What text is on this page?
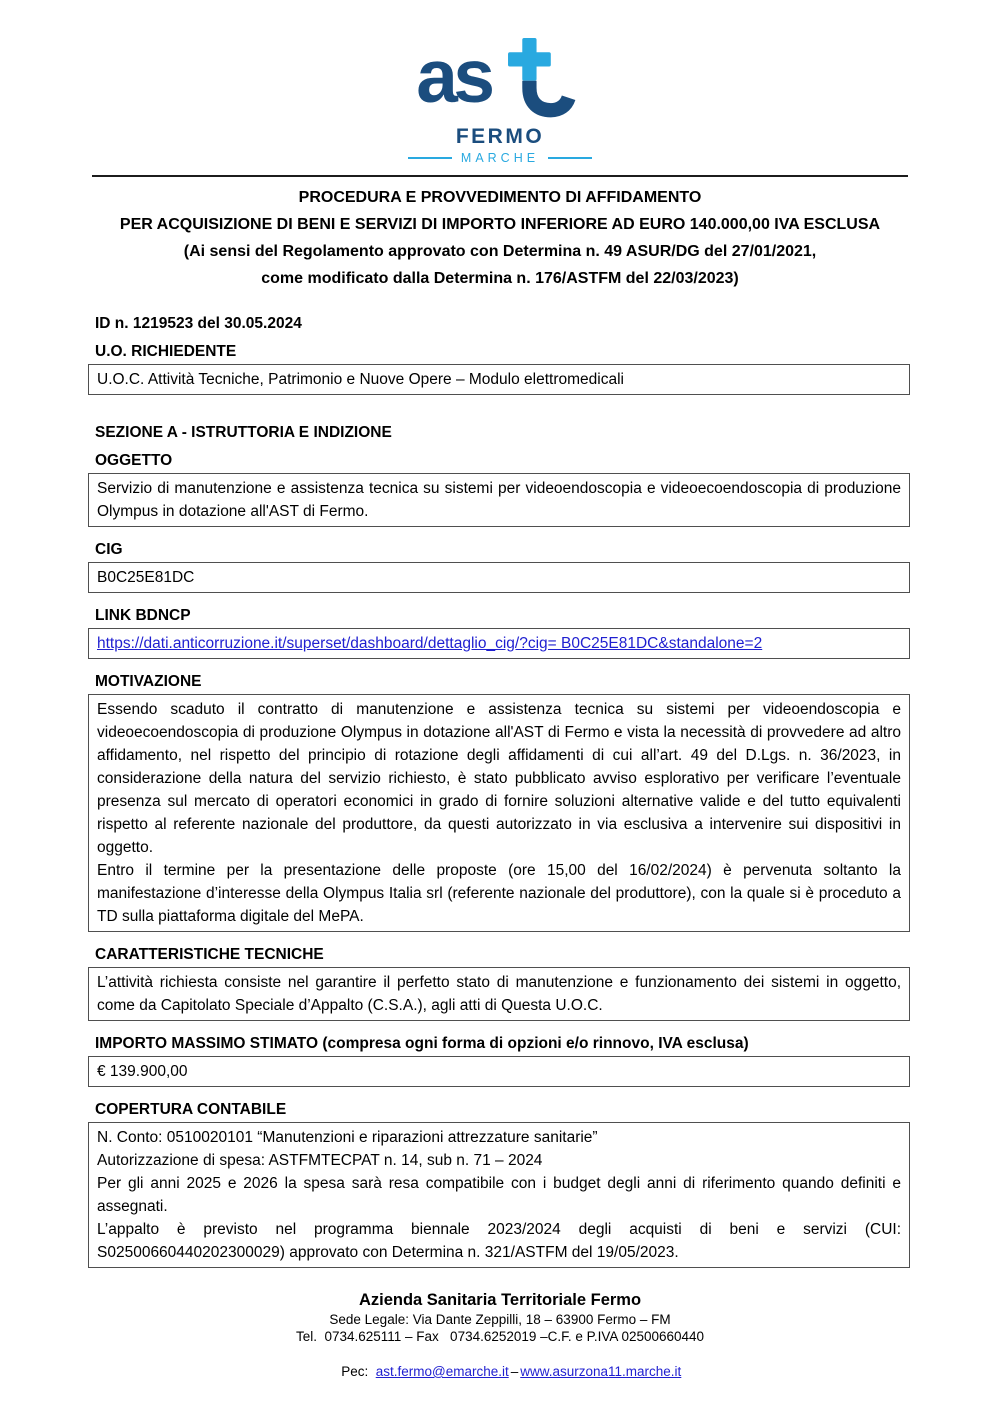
as
FERMO
MARCHE
PROCEDURA E PROVVEDIMENTO DI AFFIDAMENTO
PER ACQUISIZIONE DI BENI E SERVIZI DI IMPORTO INFERIORE AD EURO 140.000,00 IVA ESCLUSA
(Ai sensi del Regolamento approvato con Determina n. 49 ASUR/DG del 27/01/2021,
come modificato dalla Determina n. 176/ASTFM del 22/03/2023)

ID n. 1219523 del 30.05.2024

U.O. RICHIEDENTE

U.O.C. Attività Tecniche, Patrimonio e Nuove Opere – Modulo elettromedicali

SEZIONE A - ISTRUTTORIA E INDIZIONE

OGGETTO

Servizio di manutenzione e assistenza tecnica su sistemi per videoendoscopia e videoecoendoscopia di produzione Olympus in dotazione all'AST di Fermo.

CIG

B0C25E81DC

LINK BDNCP

https://dati.anticorruzione.it/superset/dashboard/dettaglio_cig/?cig= B0C25E81DC&standalone=2

MOTIVAZIONE

Essendo scaduto il contratto di manutenzione e assistenza tecnica su sistemi per videoendoscopia e videoecoendoscopia di produzione Olympus in dotazione all'AST di Fermo e vista la necessità di provvedere ad altro affidamento, nel rispetto del principio di rotazione degli affidamenti di cui all’art. 49 del D.Lgs. n. 36/2023, in considerazione della natura del servizio richiesto, è stato pubblicato avviso esplorativo per verificare l’eventuale presenza sul mercato di operatori economici in grado di fornire soluzioni alternative valide e del tutto equivalenti rispetto al referente nazionale del produttore, da questi autorizzato in via esclusiva a intervenire sui dispositivi in oggetto.

Entro il termine per la presentazione delle proposte (ore 15,00 del 16/02/2024) è pervenuta soltanto la manifestazione d’interesse della Olympus Italia srl (referente nazionale del produttore), con la quale si è proceduto a TD sulla piattaforma digitale del MePA.

CARATTERISTICHE TECNICHE

L’attività richiesta consiste nel garantire il perfetto stato di manutenzione e funzionamento dei sistemi in oggetto, come da Capitolato Speciale d’Appalto (C.S.A.), agli atti di Questa U.O.C.

IMPORTO MASSIMO STIMATO (compresa ogni forma di opzioni e/o rinnovo, IVA esclusa)

€ 139.900,00

COPERTURA CONTABILE

N. Conto: 0510020101 “Manutenzioni e riparazioni attrezzature sanitarie”

Autorizzazione di spesa: ASTFMTECPAT n. 14, sub n. 71 – 2024

Per gli anni 2025 e 2026 la spesa sarà resa compatibile con i budget degli anni di riferimento quando definiti e assegnati.

L’appalto è previsto nel programma biennale 2023/2024 degli acquisti di beni e servizi (CUI: S02500660440202300029) approvato con Determina n. 321/ASTFM del 19/05/2023.

Azienda Sanitaria Territoriale Fermo
Sede Legale: Via Dante Zeppilli, 18 – 63900 Fermo – FM
Tel.  0734.625111 – Fax   0734.6252019 –C.F. e P.IVA 02500660440

Pec: ast.fermo@emarche.it – www.asurzona11.marche.it
